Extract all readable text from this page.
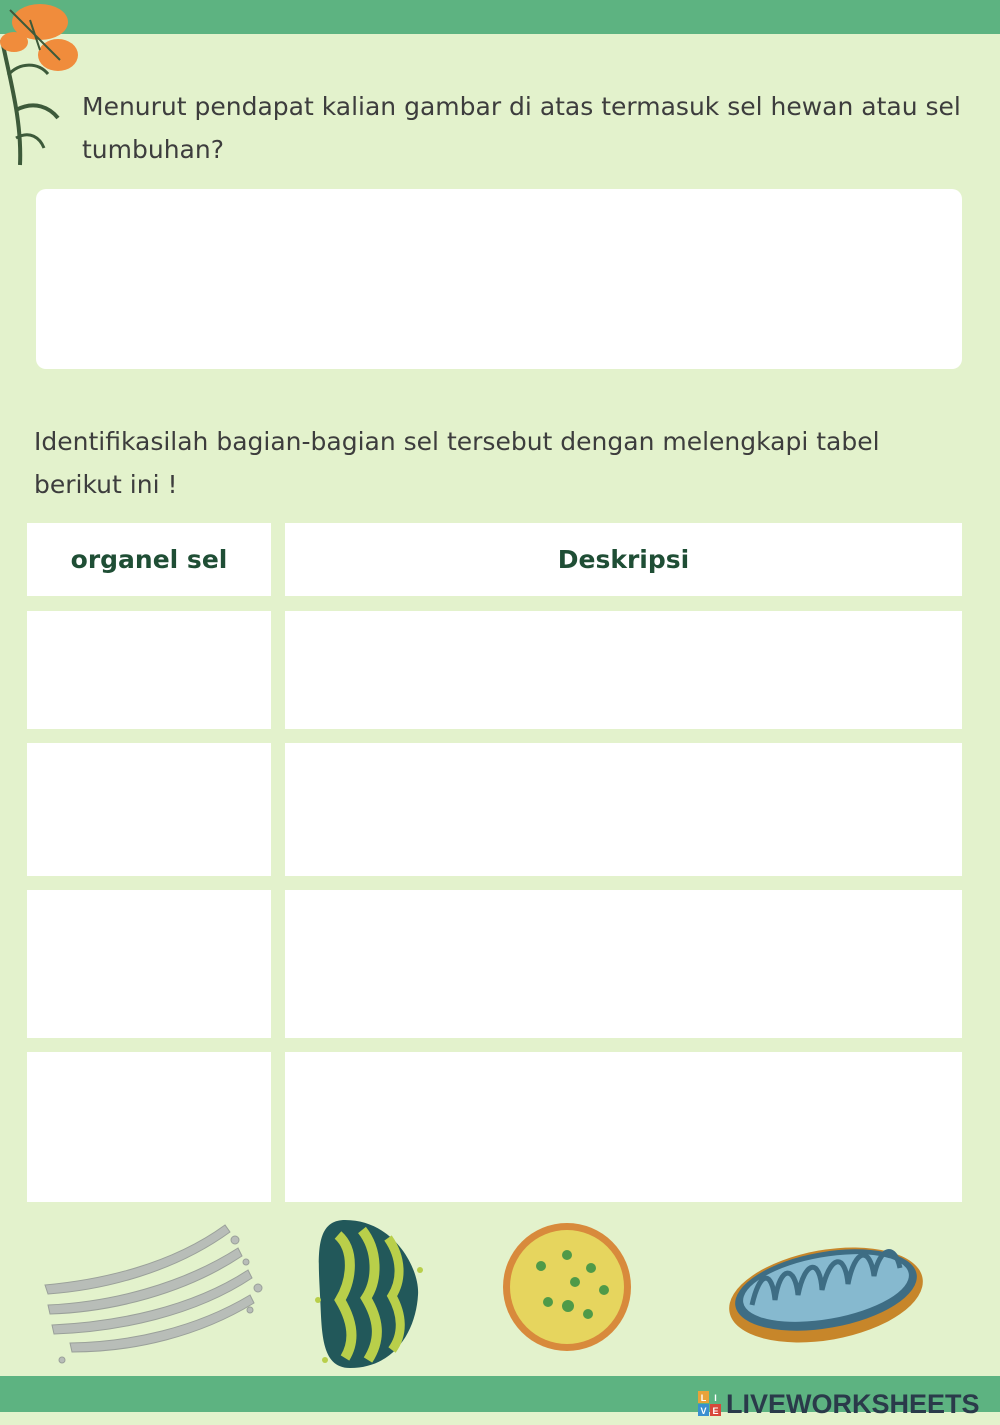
Menurut pendapat kalian gambar di atas termasuk sel hewan atau sel tumbuhan?

Identifikasilah bagian-bagian sel tersebut dengan melengkapi tabel berikut ini !

organel sel	Deskripsi
L I
V E LIVEWORKSHEETS
